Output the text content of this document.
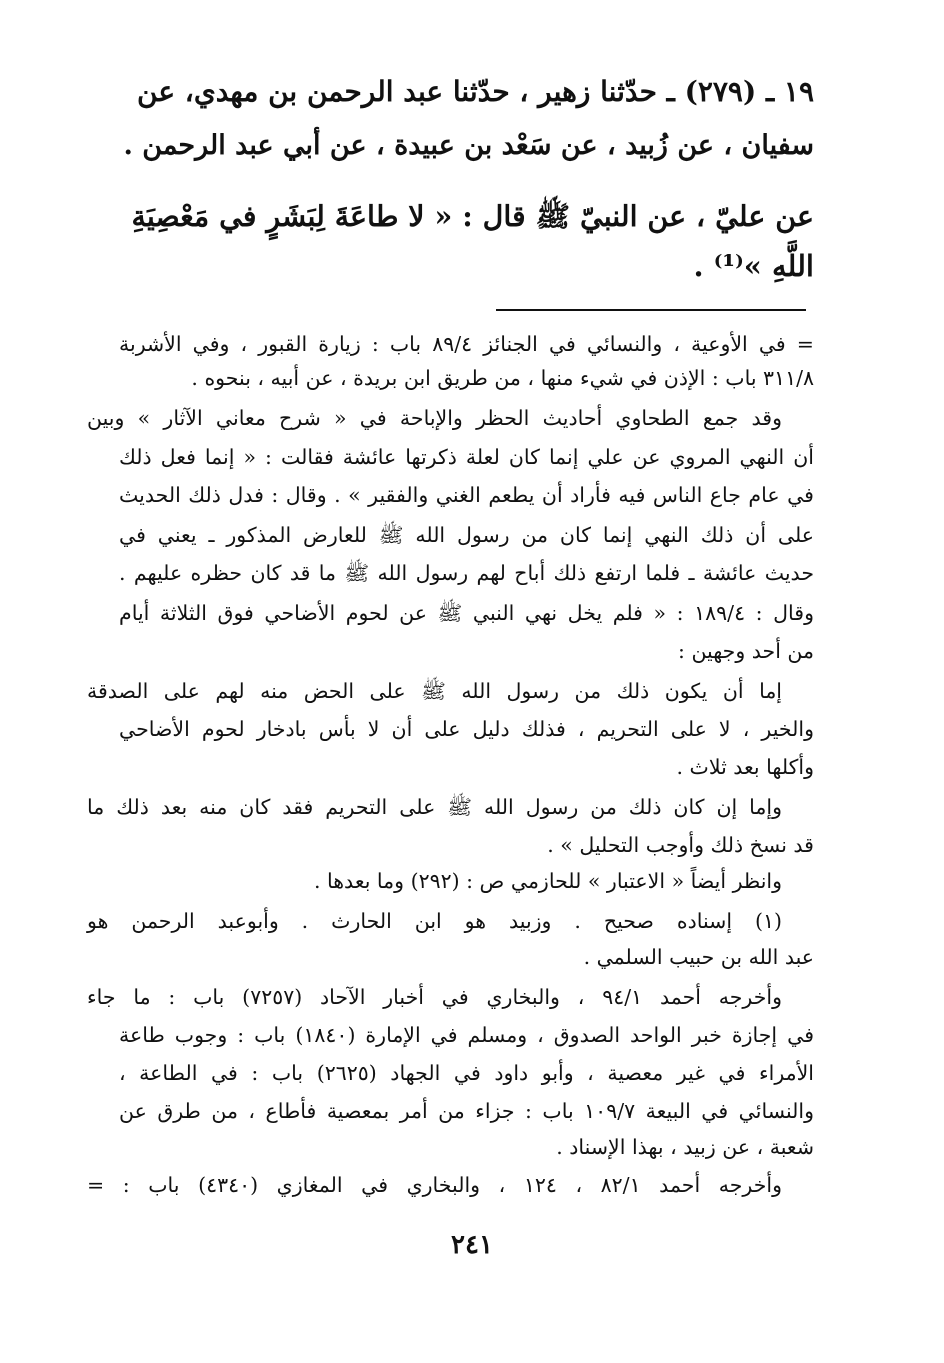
١٩ ـ (٢٧٩) ـ حدّثنا زهير ، حدّثنا عبد الرحمن بن مهدي، عن
سفيان ، عن زُبيد ، عن سَعْد بن عبيدة ، عن أبي عبد الرحمن .
عن عليّ ، عن النبيّ ﷺ قال : « لا طاعَةَ لِبَشَرٍ في مَعْصِيَةِ
اللَّهِ »⁽¹⁾ .
= في الأوعية ، والنسائي في الجنائز ٨٩/٤ باب : زيارة القبور ، وفي الأشربة
٣١١/٨ باب : الإذن في شيء منها ، من طريق ابن بريدة ، عن أبيه ، بنحوه .
وقد جمع الطحاوي أحاديث الحظر والإباحة في « شرح معاني الآثار » وبين
أن النهي المروي عن علي إنما كان لعلة ذكرتها عائشة فقالت : « إنما فعل ذلك
في عام جاع الناس فيه فأراد أن يطعم الغني والفقير » . وقال : فدل ذلك الحديث
على أن ذلك النهي إنما كان من رسول الله ﷺ للعارض المذكور ـ يعني في
حديث عائشة ـ فلما ارتفع ذلك أباح لهم رسول الله ﷺ ما قد كان حظره عليهم .
وقال : ١٨٩/٤ : « فلم يخل نهي النبي ﷺ عن لحوم الأضاحي فوق الثلاثة أيام
من أحد وجهين :
إما أن يكون ذلك من رسول الله ﷺ على الحض منه لهم على الصدقة
والخير ، لا على التحريم ، فذلك دليل على أن لا بأس بادخار لحوم الأضاحي
وأكلها بعد ثلاث .
وإما إن كان ذلك من رسول الله ﷺ على التحريم فقد كان منه بعد ذلك ما
قد نسخ ذلك وأوجب التحليل » .
وانظر أيضاً « الاعتبار » للحازمي ص : (٢٩٢) وما بعدها .
(١) إسناده صحيح . وزبيد هو ابن الحارث . وأبوعبد الرحمن هو
عبد الله بن حبيب السلمي .
وأخرجه أحمد ٩٤/١ ، والبخاري في أخبار الآحاد (٧٢٥٧) باب : ما جاء
في إجازة خبر الواحد الصدوق ، ومسلم في الإمارة (١٨٤٠) باب : وجوب طاعة
الأمراء في غير معصية ، وأبو داود في الجهاد (٢٦٢٥) باب : في الطاعة ،
والنسائي في البيعة ١٠٩/٧ باب : جزاء من أمر بمعصية فأطاع ، من طرق عن
شعبة ، عن زبيد ، بهذا الإسناد .
وأخرجه أحمد ٨٢/١ ، ١٢٤ ، والبخاري في المغازي (٤٣٤٠) باب : =
٢٤١
